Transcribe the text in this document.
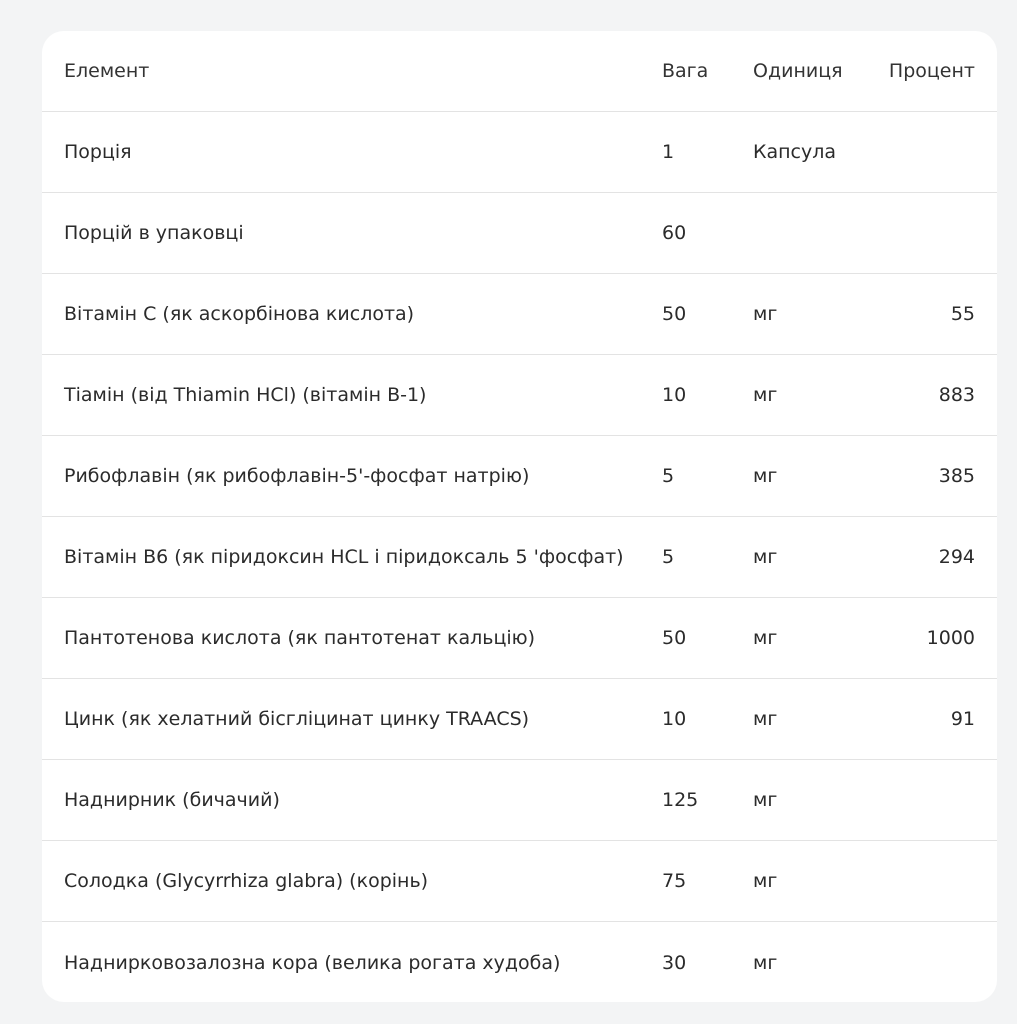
Елемент	Вага Одиниця Процент
Порція	1	Капсула
Порцій в упаковці	60
Вітамін C (як аскорбінова кислота)	50	мг	55
Тіамін (від Thiamin HCl) (вітамін B-1)	10	мг	883
Рибофлавін (як рибофлавін-5'-фосфат натрію)	5	мг	385
Вітамін B6 (як піридоксин HCL і піридоксаль 5 'фосфат) 5	мг	294
Пантотенова кислота (як пантотенат кальцію)	50	мг	1000
Цинк (як хелатний бісгліцинат цинку TRAACS)	10	мг	91
Наднирник (бичачий)	125	мг
Солодка (Glycyrrhiza glabra) (корінь)	75	мг
Наднирковозалозна кора (велика рогата худоба)	30	мг
